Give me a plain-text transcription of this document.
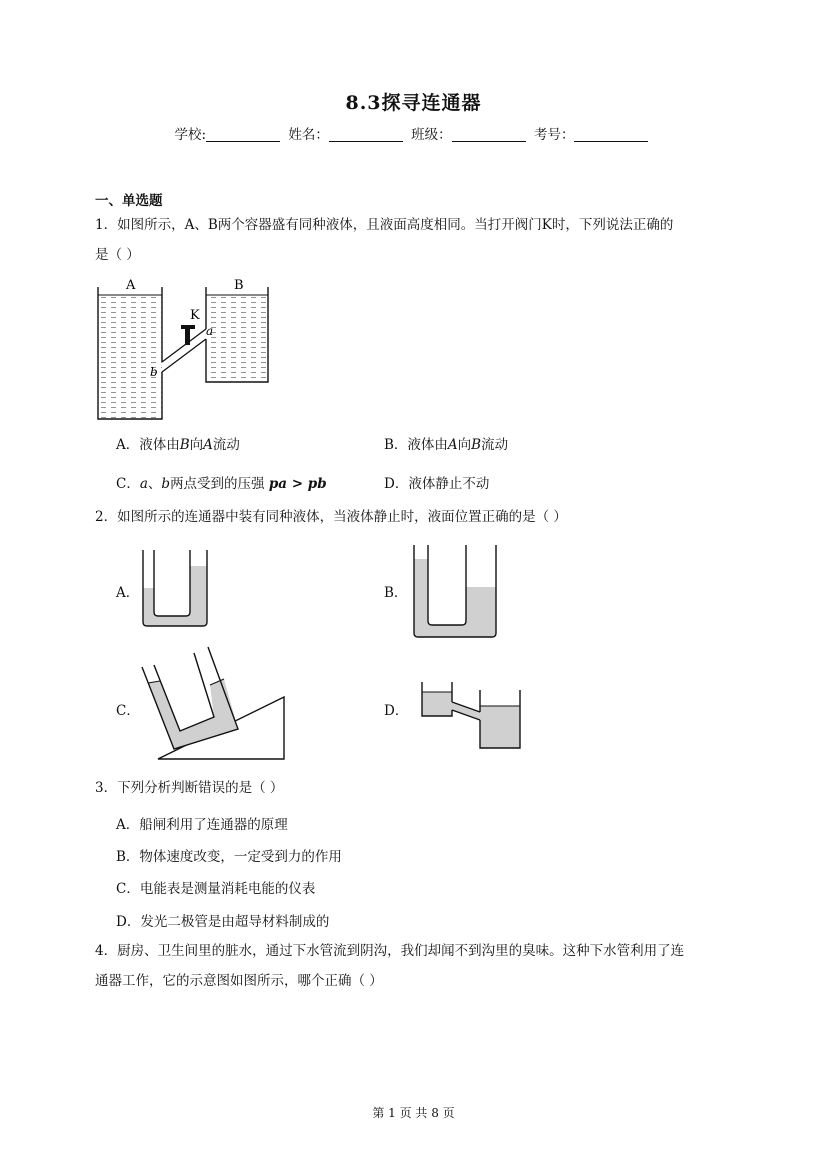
8.3探寻连通器
学校:	姓名：	班级：	考号：
一、单选题
1．如图所示，A、B两个容器盛有同种液体，且液面高度相同。当打开阀门K时，下列说法正确的
是（ ）
K
A	B
a
b
A．液体由B向A流动	B．液体由A向B流动
C．a、b两点受到的压强 pa > pb	D．液体静止不动
2．如图所示的连通器中装有同种液体，当液体静止时，液面位置正确的是（ ）
A．	B．
C．	D．
3．下列分析判断错误的是（ ）
A．船闸利用了连通器的原理
B．物体速度改变，一定受到力的作用
C．电能表是测量消耗电能的仪表
D．发光二极管是由超导材料制成的
4．厨房、卫生间里的脏水，通过下水管流到阴沟，我们却闻不到沟里的臭味。这种下水管利用了连
通器工作，它的示意图如图所示，哪个正确（ ）
第 1 页 共 8 页
